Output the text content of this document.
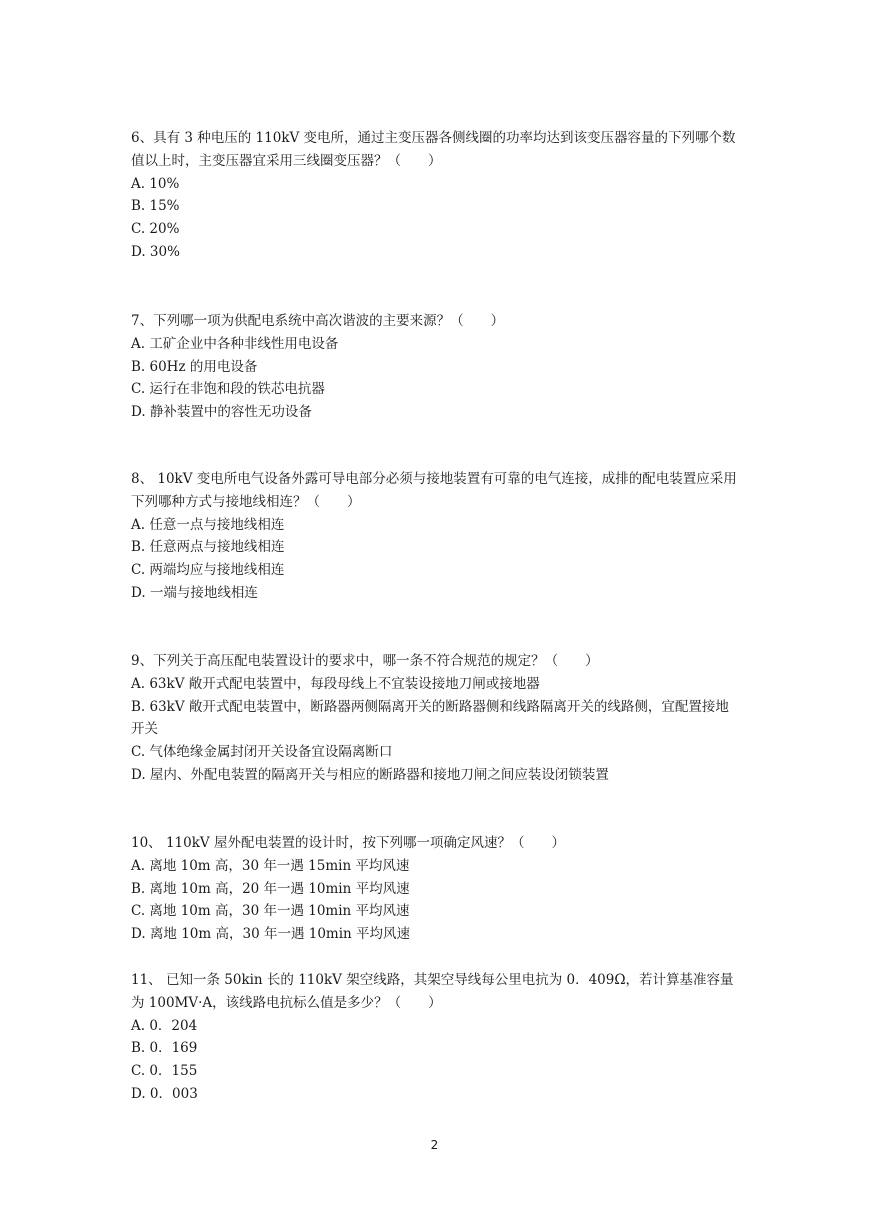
6、具有 3 种电压的 110kV 变电所，通过主变压器各侧线圈的功率均达到该变压器容量的下列哪个数值以上时，主变压器宜采用三线圈变压器？（　　）

A. 10%

B. 15%

C. 20%

D. 30%

7、下列哪一项为供配电系统中高次谐波的主要来源？（　　）

A. 工矿企业中各种非线性用电设备

B. 60Hz 的用电设备

C. 运行在非饱和段的铁芯电抗器

D. 静补装置中的容性无功设备

8、 10kV 变电所电气设备外露可导电部分必须与接地装置有可靠的电气连接，成排的配电装置应采用下列哪种方式与接地线相连？（　　）

A. 任意一点与接地线相连

B. 任意两点与接地线相连

C. 两端均应与接地线相连

D. 一端与接地线相连

9、下列关于高压配电装置设计的要求中，哪一条不符合规范的规定？（　　）

A. 63kV 敞开式配电装置中，每段母线上不宜装设接地刀闸或接地器

B. 63kV 敞开式配电装置中，断路器两侧隔离开关的断路器侧和线路隔离开关的线路侧，宜配置接地开关

C. 气体绝缘金属封闭开关设备宜设隔离断口

D. 屋内、外配电装置的隔离开关与相应的断路器和接地刀闸之间应装设闭锁装置

10、 110kV 屋外配电装置的设计时，按下列哪一项确定风速？（　　）

A. 离地 10m 高，30 年一遇 15min 平均风速

B. 离地 10m 高，20 年一遇 10min 平均风速

C. 离地 10m 高，30 年一遇 10min 平均风速

D. 离地 10m 高，30 年一遇 10min 平均风速

11、 已知一条 50kin 长的 110kV 架空线路，其架空导线每公里电抗为 0．409Ω，若计算基准容量为 100MV·A，该线路电抗标么值是多少？（　　）

A. 0．204

B. 0．169

C. 0．155

D. 0．003

2
